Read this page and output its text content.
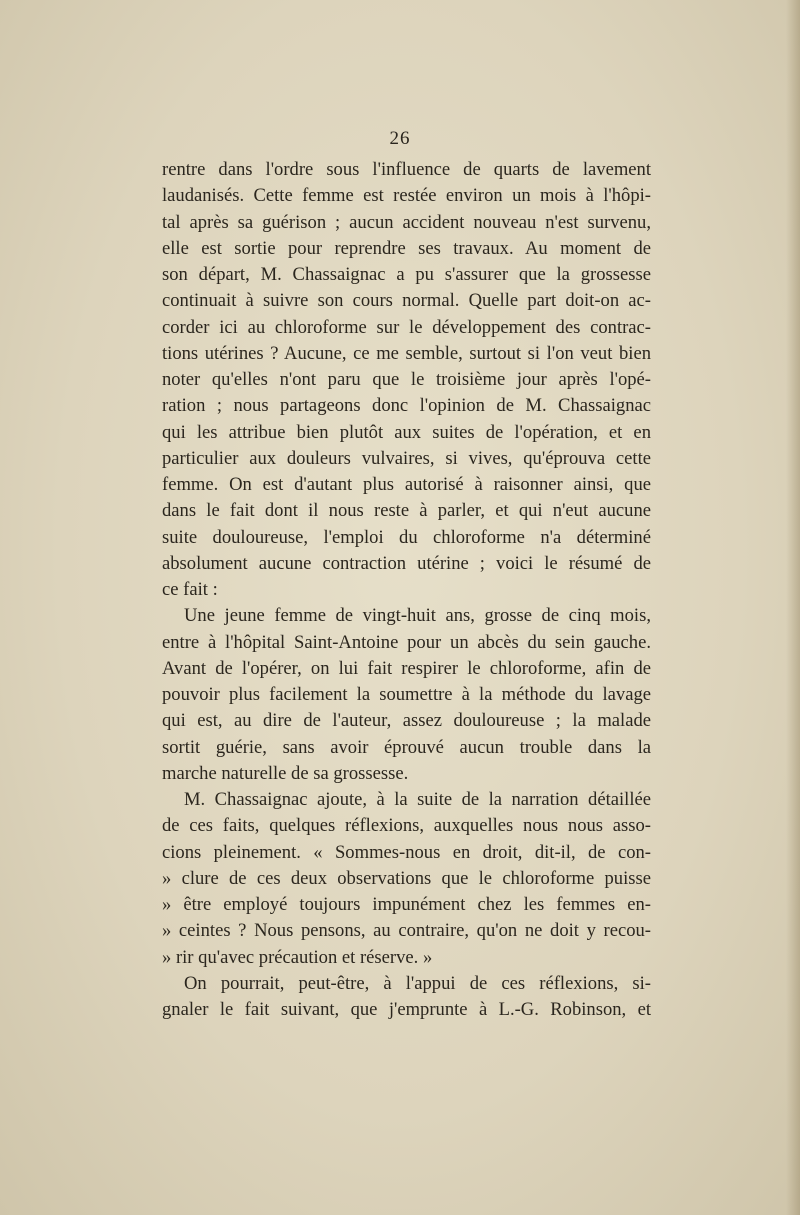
26
rentre dans l'ordre sous l'influence de quarts de lavement
laudanisés. Cette femme est restée environ un mois à l'hôpi-
tal après sa guérison ; aucun accident nouveau n'est survenu,
elle est sortie pour reprendre ses travaux. Au moment de
son départ, M. Chassaignac a pu s'assurer que la grossesse
continuait à suivre son cours normal. Quelle part doit-on ac-
corder ici au chloroforme sur le développement des contrac-
tions utérines ? Aucune, ce me semble, surtout si l'on veut bien
noter qu'elles n'ont paru que le troisième jour après l'opé-
ration ; nous partageons donc l'opinion de M. Chassaignac
qui les attribue bien plutôt aux suites de l'opération, et en
particulier aux douleurs vulvaires, si vives, qu'éprouva cette
femme. On est d'autant plus autorisé à raisonner ainsi, que
dans le fait dont il nous reste à parler, et qui n'eut aucune
suite douloureuse, l'emploi du chloroforme n'a déterminé
absolument aucune contraction utérine ; voici le résumé de
ce fait :
Une jeune femme de vingt-huit ans, grosse de cinq mois,
entre à l'hôpital Saint-Antoine pour un abcès du sein gauche.
Avant de l'opérer, on lui fait respirer le chloroforme, afin de
pouvoir plus facilement la soumettre à la méthode du lavage
qui est, au dire de l'auteur, assez douloureuse ; la malade
sortit guérie, sans avoir éprouvé aucun trouble dans la
marche naturelle de sa grossesse.
M. Chassaignac ajoute, à la suite de la narration détaillée
de ces faits, quelques réflexions, auxquelles nous nous asso-
cions pleinement. « Sommes-nous en droit, dit-il, de con-
» clure de ces deux observations que le chloroforme puisse
» être employé toujours impunément chez les femmes en-
» ceintes ? Nous pensons, au contraire, qu'on ne doit y recou-
» rir qu'avec précaution et réserve. »
On pourrait, peut-être, à l'appui de ces réflexions, si-
gnaler le fait suivant, que j'emprunte à L.-G. Robinson, et
